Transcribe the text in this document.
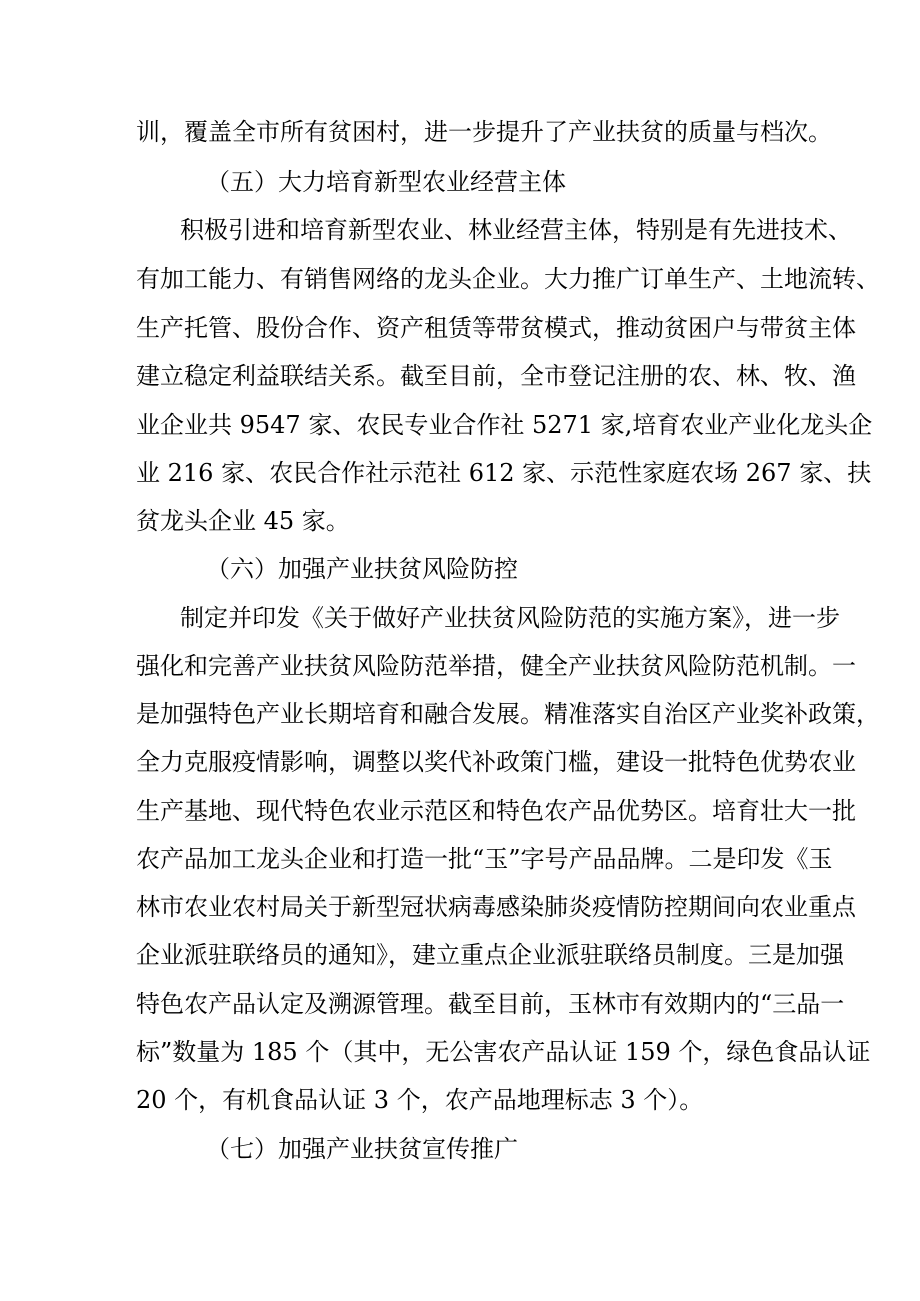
训，覆盖全市所有贫困村，进一步提升了产业扶贫的质量与档次。
（五）大力培育新型农业经营主体
积极引进和培育新型农业、林业经营主体，特别是有先进技术、
有加工能力、有销售网络的龙头企业。大力推广订单生产、土地流转、
生产托管、股份合作、资产租赁等带贫模式，推动贫困户与带贫主体
建立稳定利益联结关系。截至目前，全市登记注册的农、林、牧、渔
业企业共 9547 家、农民专业合作社 5271 家,培育农业产业化龙头企
业 216 家、农民合作社示范社 612 家、示范性家庭农场 267 家、扶
贫龙头企业 45 家。
（六）加强产业扶贫风险防控
制定并印发《关于做好产业扶贫风险防范的实施方案》，进一步
强化和完善产业扶贫风险防范举措，健全产业扶贫风险防范机制。一
是加强特色产业长期培育和融合发展。精准落实自治区产业奖补政策，
全力克服疫情影响，调整以奖代补政策门槛，建设一批特色优势农业
生产基地、现代特色农业示范区和特色农产品优势区。培育壮大一批
农产品加工龙头企业和打造一批“玉”字号产品品牌。二是印发《玉
林市农业农村局关于新型冠状病毒感染肺炎疫情防控期间向农业重点
企业派驻联络员的通知》，建立重点企业派驻联络员制度。三是加强
特色农产品认定及溯源管理。截至目前，玉林市有效期内的“三品一
标”数量为 185 个（其中，无公害农产品认证 159 个，绿色食品认证
20 个，有机食品认证 3 个，农产品地理标志 3 个）。
（七）加强产业扶贫宣传推广
